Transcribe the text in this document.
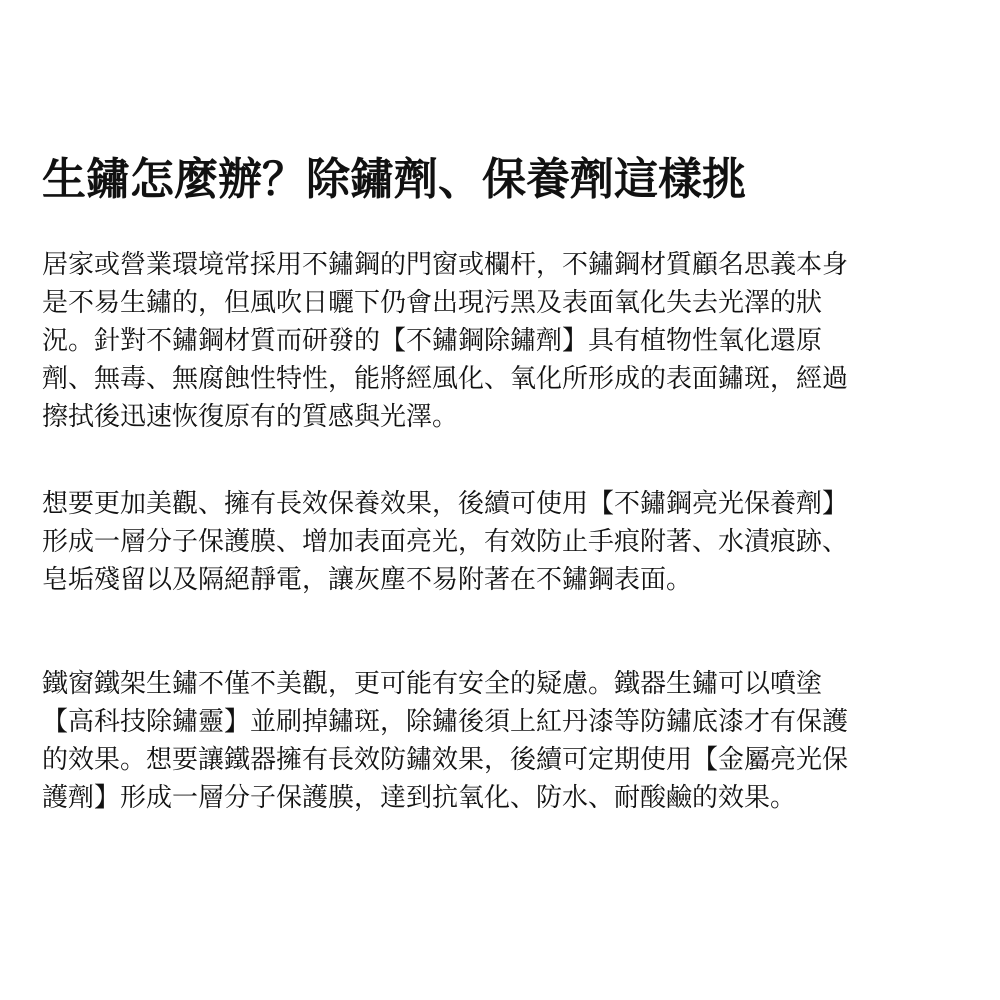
生鏽怎麼辦？除鏽劑、保養劑這樣挑

居家或營業環境常採用不鏽鋼的門窗或欄杆，不鏽鋼材質顧名思義本身
是不易生鏽的，但風吹日曬下仍會出現污黑及表面氧化失去光澤的狀
況。針對不鏽鋼材質而研發的【不鏽鋼除鏽劑】具有植物性氧化還原
劑、無毒、無腐蝕性特性，能將經風化、氧化所形成的表面鏽斑，經過
擦拭後迅速恢復原有的質感與光澤。

想要更加美觀、擁有長效保養效果，後續可使用【不鏽鋼亮光保養劑】
形成一層分子保護膜、增加表面亮光，有效防止手痕附著、水漬痕跡、
皂垢殘留以及隔絕靜電，讓灰塵不易附著在不鏽鋼表面。

鐵窗鐵架生鏽不僅不美觀，更可能有安全的疑慮。鐵器生鏽可以噴塗
【高科技除鏽靈】並刷掉鏽斑，除鏽後須上紅丹漆等防鏽底漆才有保護
的效果。想要讓鐵器擁有長效防鏽效果，後續可定期使用【金屬亮光保
護劑】形成一層分子保護膜，達到抗氧化、防水、耐酸鹼的效果。
